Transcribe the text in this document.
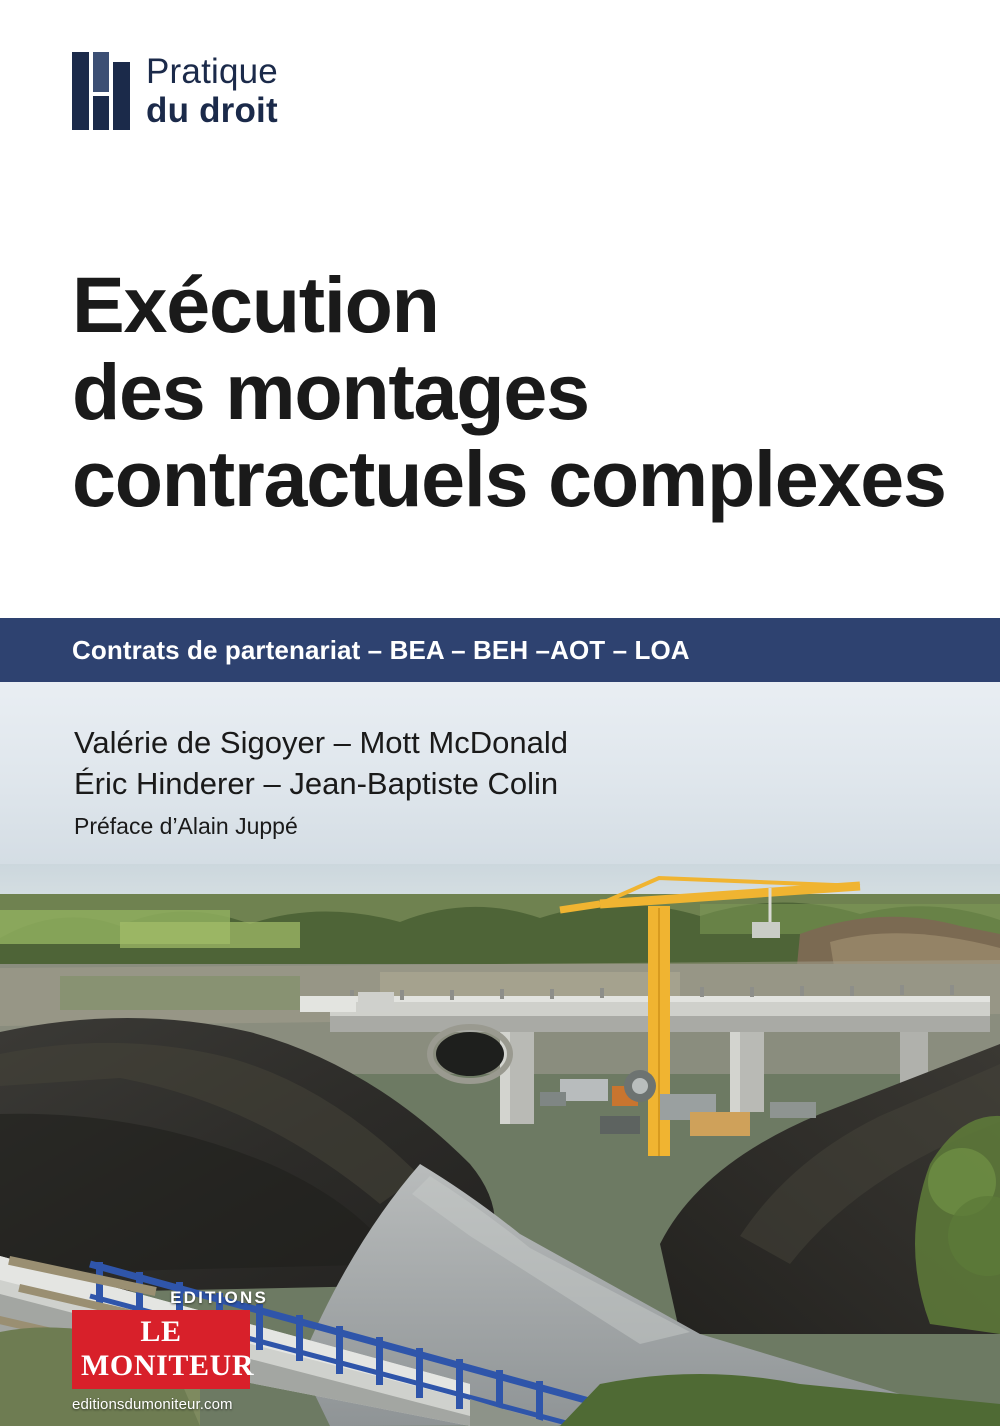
Pratique
du droit
Exécution
des montages
contractuels complexes
Contrats de partenariat – BEA – BEH –AOT – LOA
Valérie de Sigoyer – Mott McDonald
Éric Hinderer – Jean-Baptiste Colin
Préface d’Alain Juppé
EDITIONS
LE MONITEUR
editionsdumoniteur.com
